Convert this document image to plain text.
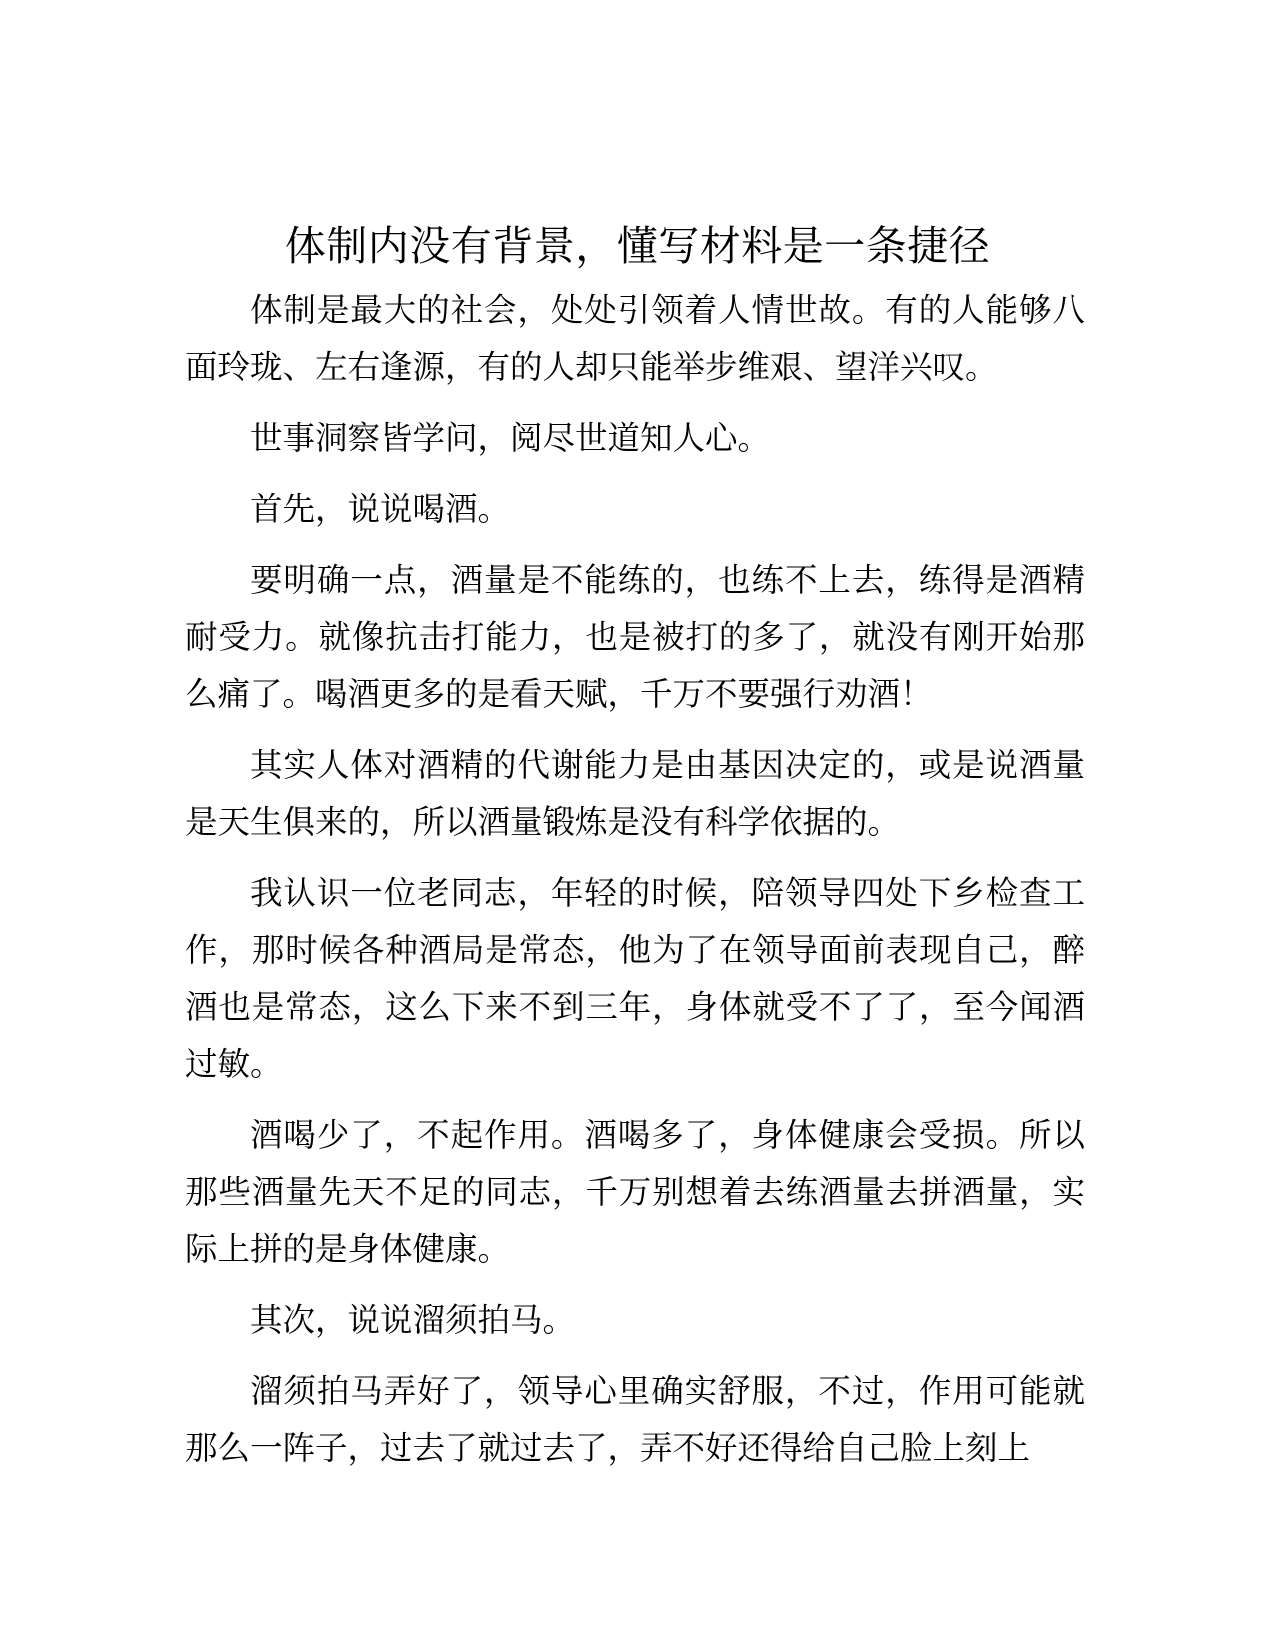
体制内没有背景，懂写材料是一条捷径

体制是最大的社会，处处引领着人情世故。有的人能够八面玲珑、左右逢源，有的人却只能举步维艰、望洋兴叹。

世事洞察皆学问，阅尽世道知人心。

首先，说说喝酒。

要明确一点，酒量是不能练的，也练不上去，练得是酒精耐受力。就像抗击打能力，也是被打的多了，就没有刚开始那么痛了。喝酒更多的是看天赋，千万不要强行劝酒！

其实人体对酒精的代谢能力是由基因决定的，或是说酒量是天生俱来的，所以酒量锻炼是没有科学依据的。

我认识一位老同志，年轻的时候，陪领导四处下乡检查工作，那时候各种酒局是常态，他为了在领导面前表现自己，醉酒也是常态，这么下来不到三年，身体就受不了了，至今闻酒过敏。

酒喝少了，不起作用。酒喝多了，身体健康会受损。所以那些酒量先天不足的同志，千万别想着去练酒量去拼酒量，实际上拼的是身体健康。

其次，说说溜须拍马。

溜须拍马弄好了，领导心里确实舒服，不过，作用可能就那么一阵子，过去了就过去了，弄不好还得给自己脸上刻上
